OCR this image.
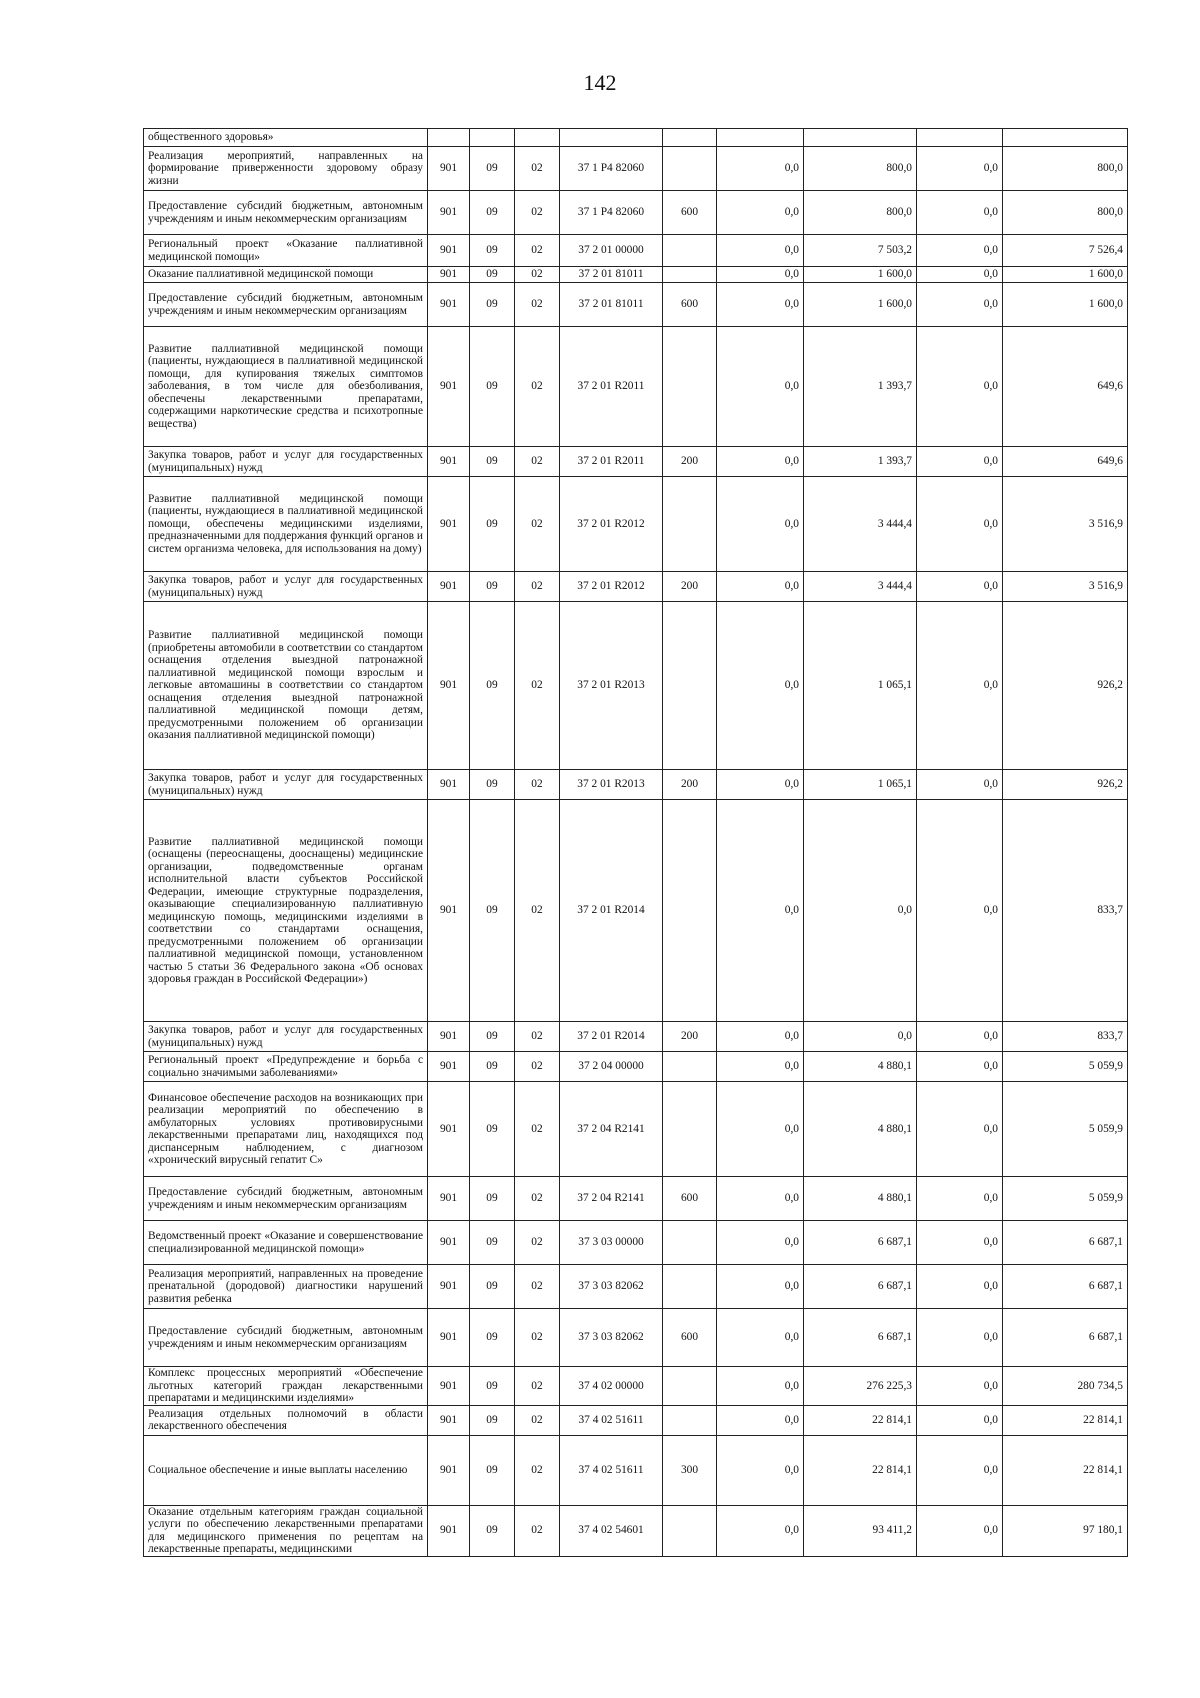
142
общественного здоровья»									
Реализация мероприятий, направленных на формирование приверженности здоровому образу жизни	901	09	02	37 1 Р4 82060		0,0	800,0	0,0	800,0
Предоставление субсидий бюджетным, автономным учреждениям и иным некоммерческим организациям	901	09	02	37 1 Р4 82060	600	0,0	800,0	0,0	800,0
Региональный проект «Оказание паллиативной медицинской помощи»	901	09	02	37 2 01 00000		0,0	7 503,2	0,0	7 526,4
Оказание паллиативной медицинской помощи	901	09	02	37 2 01 81011		0,0	1 600,0	0,0	1 600,0
Предоставление субсидий бюджетным, автономным учреждениям и иным некоммерческим организациям	901	09	02	37 2 01 81011	600	0,0	1 600,0	0,0	1 600,0
Развитие паллиативной медицинской помощи (пациенты, нуждающиеся в паллиативной медицинской помощи, для купирования тяжелых симптомов заболевания, в том числе для обезболивания, обеспечены лекарственными препаратами, содержащими наркотические средства и психотропные вещества)	901	09	02	37 2 01 R2011		0,0	1 393,7	0,0	649,6
Закупка товаров, работ и услуг для государственных (муниципальных) нужд	901	09	02	37 2 01 R2011	200	0,0	1 393,7	0,0	649,6
Развитие паллиативной медицинской помощи (пациенты, нуждающиеся в паллиативной медицинской помощи, обеспечены медицинскими изделиями, предназначенными для поддержания функций органов и систем организма человека, для использования на дому)	901	09	02	37 2 01 R2012		0,0	3 444,4	0,0	3 516,9
Закупка товаров, работ и услуг для государственных (муниципальных) нужд	901	09	02	37 2 01 R2012	200	0,0	3 444,4	0,0	3 516,9
Развитие паллиативной медицинской помощи (приобретены автомобили в соответствии со стандартом оснащения отделения выездной патронажной паллиативной медицинской помощи взрослым и легковые автомашины в соответствии со стандартом оснащения отделения выездной патронажной паллиативной медицинской помощи детям, предусмотренными положением об организации оказания паллиативной медицинской помощи)	901	09	02	37 2 01 R2013		0,0	1 065,1	0,0	926,2
Закупка товаров, работ и услуг для государственных (муниципальных) нужд	901	09	02	37 2 01 R2013	200	0,0	1 065,1	0,0	926,2
Развитие паллиативной медицинской помощи (оснащены (переоснащены, дооснащены) медицинские организации, подведомственные органам исполнительной власти субъектов Российской Федерации, имеющие структурные подразделения, оказывающие специализированную паллиативную медицинскую помощь, медицинскими изделиями в соответствии со стандартами оснащения, предусмотренными положением об организации паллиативной медицинской помощи, установленном частью 5 статьи 36 Федерального закона «Об основах здоровья граждан в Российской Федерации»)	901	09	02	37 2 01 R2014		0,0	0,0	0,0	833,7
Закупка товаров, работ и услуг для государственных (муниципальных) нужд	901	09	02	37 2 01 R2014	200	0,0	0,0	0,0	833,7
Региональный проект «Предупреждение и борьба с социально значимыми заболеваниями»	901	09	02	37 2 04 00000		0,0	4 880,1	0,0	5 059,9
Финансовое обеспечение расходов на возникающих при реализации мероприятий по обеспечению в амбулаторных условиях противовирусными лекарственными препаратами лиц, находящихся под диспансерным наблюдением, с диагнозом «хронический вирусный гепатит С»	901	09	02	37 2 04 R2141		0,0	4 880,1	0,0	5 059,9
Предоставление субсидий бюджетным, автономным учреждениям и иным некоммерческим организациям	901	09	02	37 2 04 R2141	600	0,0	4 880,1	0,0	5 059,9
Ведомственный проект «Оказание и совершенствование специализированной медицинской помощи»	901	09	02	37 3 03 00000		0,0	6 687,1	0,0	6 687,1
Реализация мероприятий, направленных на проведение пренатальной (дородовой) диагностики нарушений развития ребенка	901	09	02	37 3 03 82062		0,0	6 687,1	0,0	6 687,1
Предоставление субсидий бюджетным, автономным учреждениям и иным некоммерческим организациям	901	09	02	37 3 03 82062	600	0,0	6 687,1	0,0	6 687,1
Комплекс процессных мероприятий «Обеспечение льготных категорий граждан лекарственными препаратами и медицинскими изделиями»	901	09	02	37 4 02 00000		0,0	276 225,3	0,0	280 734,5
Реализация отдельных полномочий в области лекарственного обеспечения	901	09	02	37 4 02 51611		0,0	22 814,1	0,0	22 814,1
Социальное обеспечение и иные выплаты населению	901	09	02	37 4 02 51611	300	0,0	22 814,1	0,0	22 814,1
Оказание отдельным категориям граждан социальной услуги по обеспечению лекарственными препаратами для медицинского применения по рецептам на лекарственные препараты, медицинскими	901	09	02	37 4 02 54601		0,0	93 411,2	0,0	97 180,1
